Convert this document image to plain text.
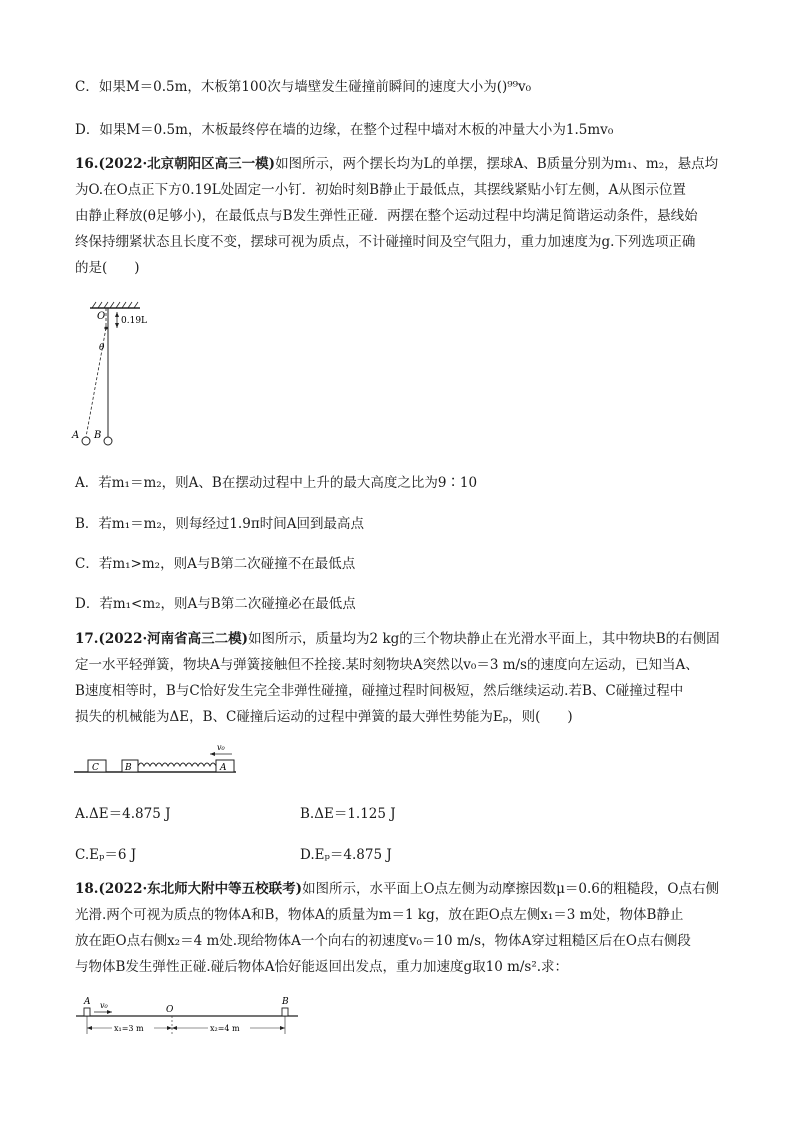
C．如果M＝0.5m，木板第100次与墙壁发生碰撞前瞬间的速度大小为()⁹⁹v₀
D．如果M＝0.5m，木板最终停在墙的边缘，在整个过程中墙对木板的冲量大小为1.5mv₀
16.(2022·北京朝阳区高三一模)如图所示，两个摆长均为L的单摆，摆球A、B质量分别为m₁、m₂，悬点均
为O.在O点正下方0.19L处固定一小钉．初始时刻B静止于最低点，其摆线紧贴小钉左侧，A从图示位置
由静止释放(θ足够小)，在最低点与B发生弹性正碰．两摆在整个运动过程中均满足简谐运动条件，悬线始
终保持绷紧状态且长度不变，摆球可视为质点，不计碰撞时间及空气阻力，重力加速度为g.下列选项正确
的是(　　)
0.19L
O
θ
A B
A．若m₁＝m₂，则A、B在摆动过程中上升的最大高度之比为9∶10
B．若m₁＝m₂，则每经过1.9π时间A回到最高点
C．若m₁>m₂，则A与B第二次碰撞不在最低点
D．若m₁<m₂，则A与B第二次碰撞必在最低点
17.(2022·河南省高三二模)如图所示，质量均为2 kg的三个物块静止在光滑水平面上，其中物块B的右侧固
定一水平轻弹簧，物块A与弹簧接触但不拴接.某时刻物块A突然以v₀＝3 m/s的速度向左运动，已知当A、
B速度相等时，B与C恰好发生完全非弹性碰撞，碰撞过程时间极短，然后继续运动.若B、C碰撞过程中
损失的机械能为ΔE，B、C碰撞后运动的过程中弹簧的最大弹性势能为Eₚ，则(　　)
C	B	A
v₀
A.ΔE＝4.875 J	B.ΔE＝1.125 J
C.Eₚ＝6 J	D.Eₚ＝4.875 J
18.(2022·东北师大附中等五校联考)如图所示，水平面上O点左侧为动摩擦因数μ＝0.6的粗糙段，O点右侧
光滑.两个可视为质点的物体A和B，物体A的质量为m＝1 kg，放在距O点左侧x₁＝3 m处，物体B静止
放在距O点右侧x₂＝4 m处.现给物体A一个向右的初速度v₀＝10 m/s，物体A穿过粗糙区后在O点右侧段
与物体B发生弹性正碰.碰后物体A恰好能返回出发点，重力加速度g取10 m/s².求：
A	B
v₀	O
x₁=3 m	x₂=4 m
